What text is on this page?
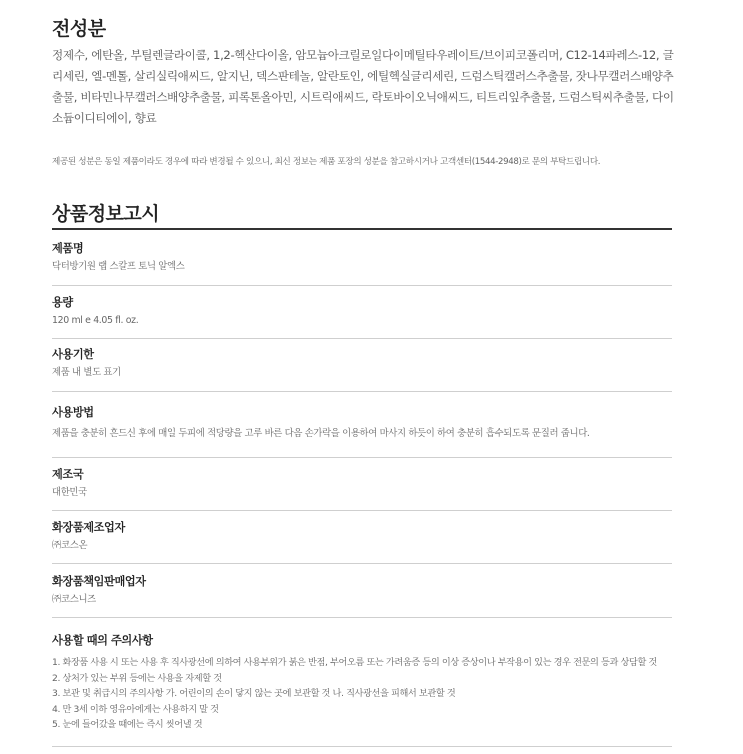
전성분

정제수, 에탄올, 부틸렌글라이콜, 1,2-헥산다이올, 암모늄아크릴로일다이메틸타우레이트/브이피코폴리머, C12-14파레스-12, 글리세린, 엘-멘톨, 살리실릭애씨드, 알지닌, 덱스판테놀, 알란토인, 에틸헥실글리세린, 드럼스틱캘러스추출물, 잣나무캘러스배양추출물, 비타민나무캘러스배양추출물, 피록톤올아민, 시트릭애씨드, 락토바이오닉애씨드, 티트리잎추출물, 드럼스틱씨추출물, 다이소듐이디티에이, 향료

제공된 성분은 동일 제품이라도 경우에 따라 변경될 수 있으니, 최신 정보는 제품 포장의 성분을 참고하시거나 고객센터(1544-2948)로 문의 부탁드립니다.

상품정보고시
제품명
닥터방기원 랩 스칼프 토닉 알엑스
용량
120 ml e 4.05 fl. oz.
사용기한
제품 내 별도 표기
사용방법
제품을 충분히 흔드신 후에 매일 두피에 적당량을 고루 바른 다음 손가락을 이용하여 마사지 하듯이 하여 충분히 흡수되도록 문질러 줍니다.
제조국
대한민국
화장품제조업자
㈜코스온
화장품책임판매업자
㈜코스니즈
사용할 때의 주의사항
1. 화장품 사용 시 또는 사용 후 직사광선에 의하여 사용부위가 붉은 반점, 부어오름 또는 가려움증 등의 이상 증상이나 부작용이 있는 경우 전문의 등과 상담할 것
2. 상처가 있는 부위 등에는 사용을 자제할 것
3. 보관 및 취급시의 주의사항 가. 어린이의 손이 닿지 않는 곳에 보관할 것 나. 직사광선을 피해서 보관할 것
4. 만 3세 이하 영유아에게는 사용하지 말 것
5. 눈에 들어갔을 때에는 즉시 씻어낼 것
